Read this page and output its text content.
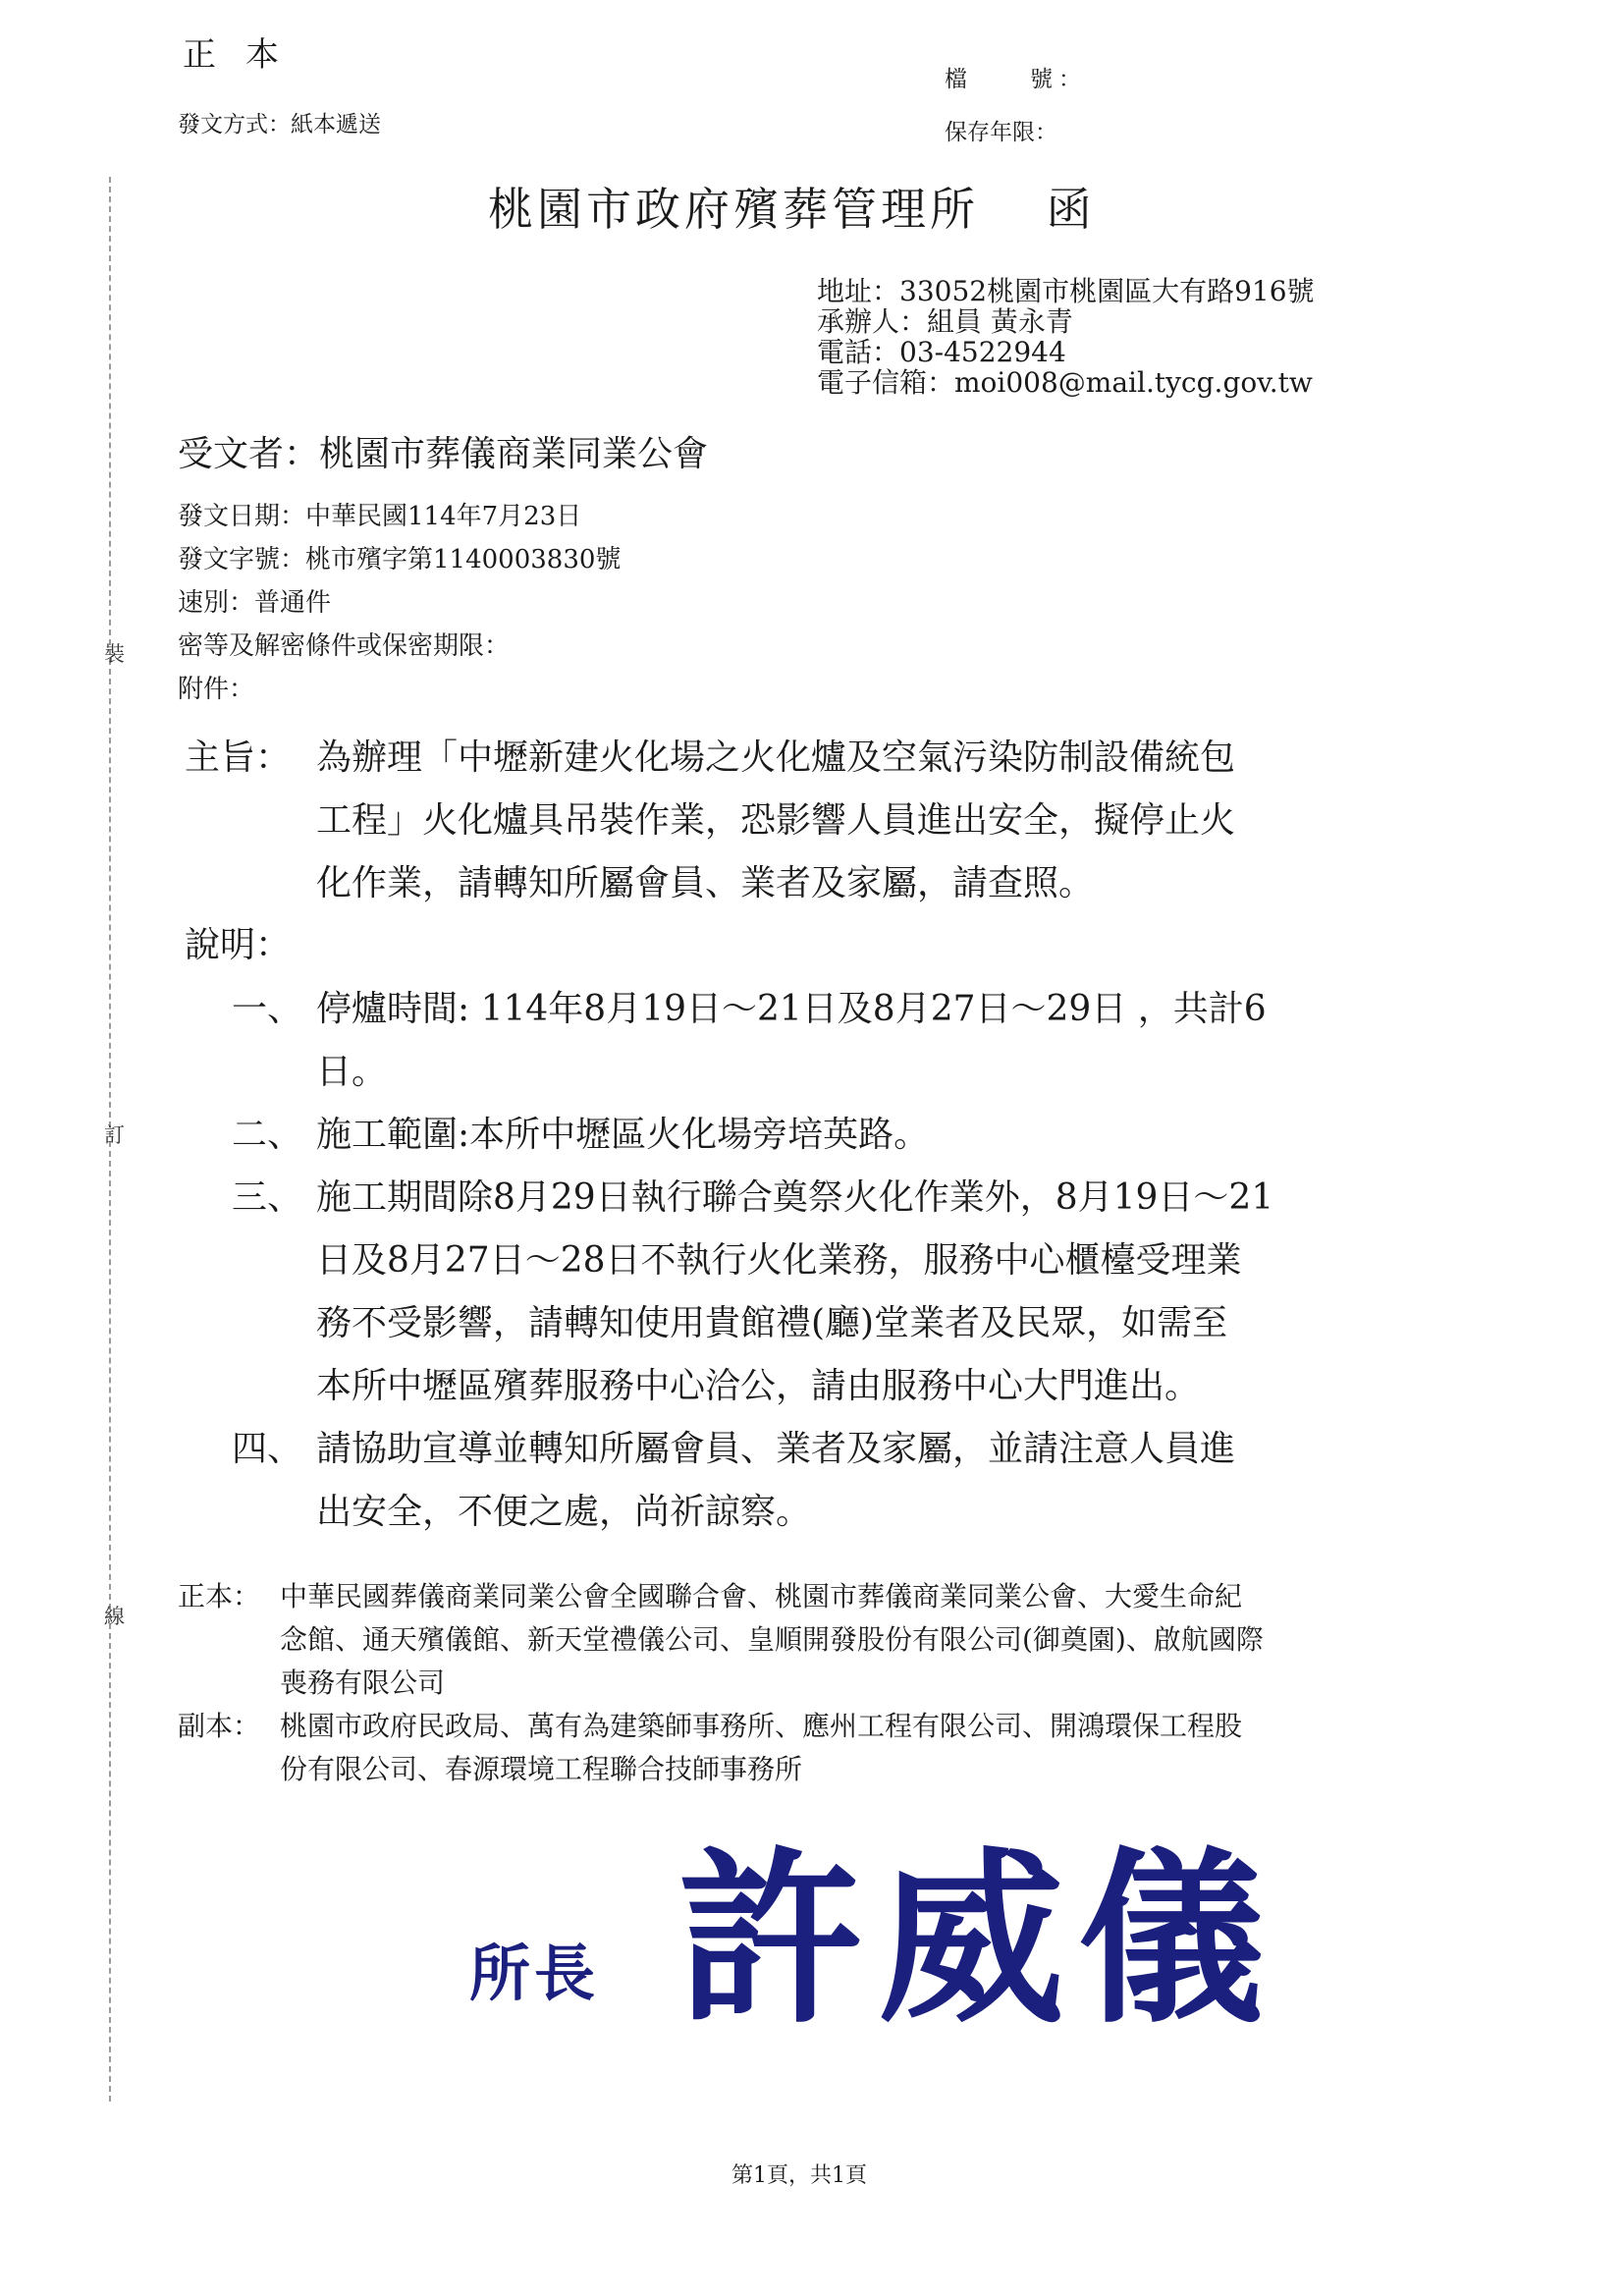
裝
訂
線
正本
發文方式：紙本遞送
檔　　號：
保存年限：
桃園市政府殯葬管理所　 函
地址：33052桃園市桃園區大有路916號
承辦人：組員 黃永青
電話：03-4522944
電子信箱：moi008@mail.tycg.gov.tw
受文者：桃園市葬儀商業同業公會
發文日期：中華民國114年7月23日
發文字號：桃市殯字第1140003830號
速別：普通件
密等及解密條件或保密期限：
附件：
主旨： 為辦理「中壢新建火化場之火化爐及空氣污染防制設備統包
工程」火化爐具吊裝作業，恐影響人員進出安全，擬停止火
化作業，請轉知所屬會員、業者及家屬，請查照。
說明：
一、 停爐時間: 114年8月19日～21日及8月27日～29日 ，共計6
日。
二、 施工範圍:本所中壢區火化場旁培英路。
三、 施工期間除8月29日執行聯合奠祭火化作業外，8月19日～21
日及8月27日～28日不執行火化業務，服務中心櫃檯受理業
務不受影響，請轉知使用貴館禮(廳)堂業者及民眾，如需至
本所中壢區殯葬服務中心洽公，請由服務中心大門進出。
四、 請協助宣導並轉知所屬會員、業者及家屬，並請注意人員進
出安全，不便之處，尚祈諒察。
正本： 中華民國葬儀商業同業公會全國聯合會、桃園市葬儀商業同業公會、大愛生命紀
念館、通天殯儀館、新天堂禮儀公司、皇順開發股份有限公司(御奠園)、啟航國際
喪務有限公司
副本： 桃園市政府民政局、萬有為建築師事務所、應州工程有限公司、開鴻環保工程股
份有限公司、春源環境工程聯合技師事務所
所長 許威儀
第1頁，共1頁
